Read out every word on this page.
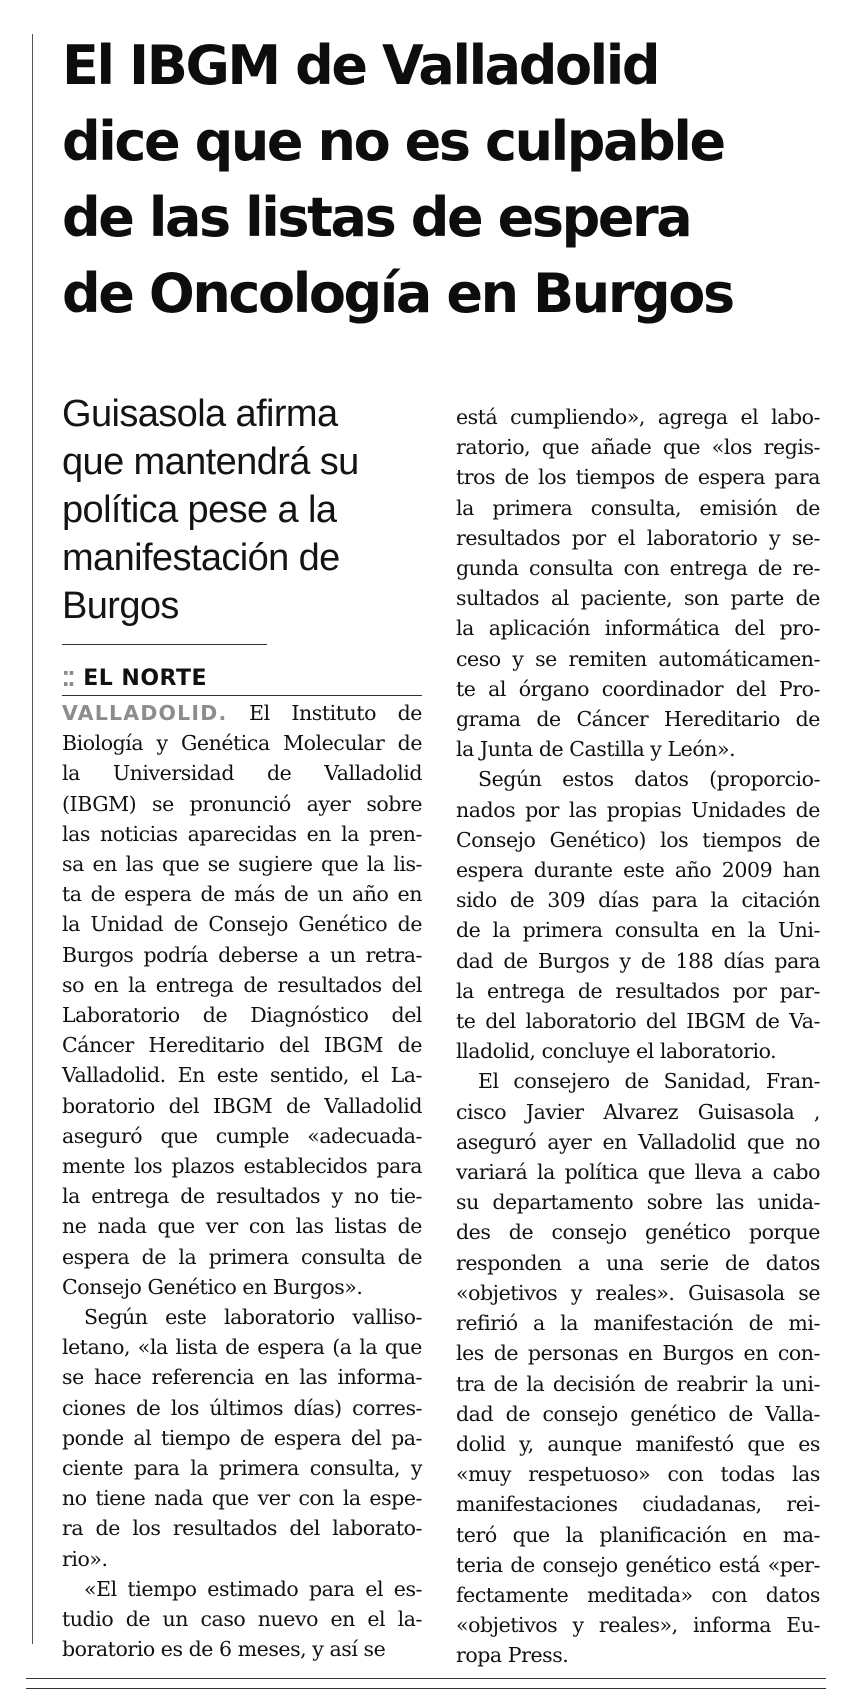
El IBGM de Valladolid
dice que no es culpable
de las listas de espera
de Oncología en Burgos
Guisasola afirma
que mantendrá su
política pese a la
manifestación de
Burgos
⁚⁚ EL NORTE
VALLADOLID. El Instituto de
Biología y Genética Molecular de
la Universidad de Valladolid
(IBGM) se pronunció ayer sobre
las noticias aparecidas en la pren-
sa en las que se sugiere que la lis-
ta de espera de más de un año en
la Unidad de Consejo Genético de
Burgos podría deberse a un retra-
so en la entrega de resultados del
Laboratorio de Diagnóstico del
Cáncer Hereditario del IBGM de
Valladolid. En este sentido, el La-
boratorio del IBGM de Valladolid
aseguró que cumple «adecuada-
mente los plazos establecidos para
la entrega de resultados y no tie-
ne nada que ver con las listas de
espera de la primera consulta de
Consejo Genético en Burgos».
Según este laboratorio valliso-
letano, «la lista de espera (a la que
se hace referencia en las informa-
ciones de los últimos días) corres-
ponde al tiempo de espera del pa-
ciente para la primera consulta, y
no tiene nada que ver con la espe-
ra de los resultados del laborato-
rio».
«El tiempo estimado para el es-
tudio de un caso nuevo en el la-
boratorio es de 6 meses, y así se
está cumpliendo», agrega el labo-
ratorio, que añade que «los regis-
tros de los tiempos de espera para
la primera consulta, emisión de
resultados por el laboratorio y se-
gunda consulta con entrega de re-
sultados al paciente, son parte de
la aplicación informática del pro-
ceso y se remiten automáticamen-
te al órgano coordinador del Pro-
grama de Cáncer Hereditario de
la Junta de Castilla y León».
Según estos datos (proporcio-
nados por las propias Unidades de
Consejo Genético) los tiempos de
espera durante este año 2009 han
sido de 309 días para la citación
de la primera consulta en la Uni-
dad de Burgos y de 188 días para
la entrega de resultados por par-
te del laboratorio del IBGM de Va-
lladolid, concluye el laboratorio.
El consejero de Sanidad, Fran-
cisco Javier Alvarez Guisasola ,
aseguró ayer en Valladolid que no
variará la política que lleva a cabo
su departamento sobre las unida-
des de consejo genético porque
responden a una serie de datos
«objetivos y reales». Guisasola se
refirió a la manifestación de mi-
les de personas en Burgos en con-
tra de la decisión de reabrir la uni-
dad de consejo genético de Valla-
dolid y, aunque manifestó que es
«muy respetuoso» con todas las
manifestaciones ciudadanas, rei-
teró que la planificación en ma-
teria de consejo genético está «per-
fectamente meditada» con datos
«objetivos y reales», informa Eu-
ropa Press.
